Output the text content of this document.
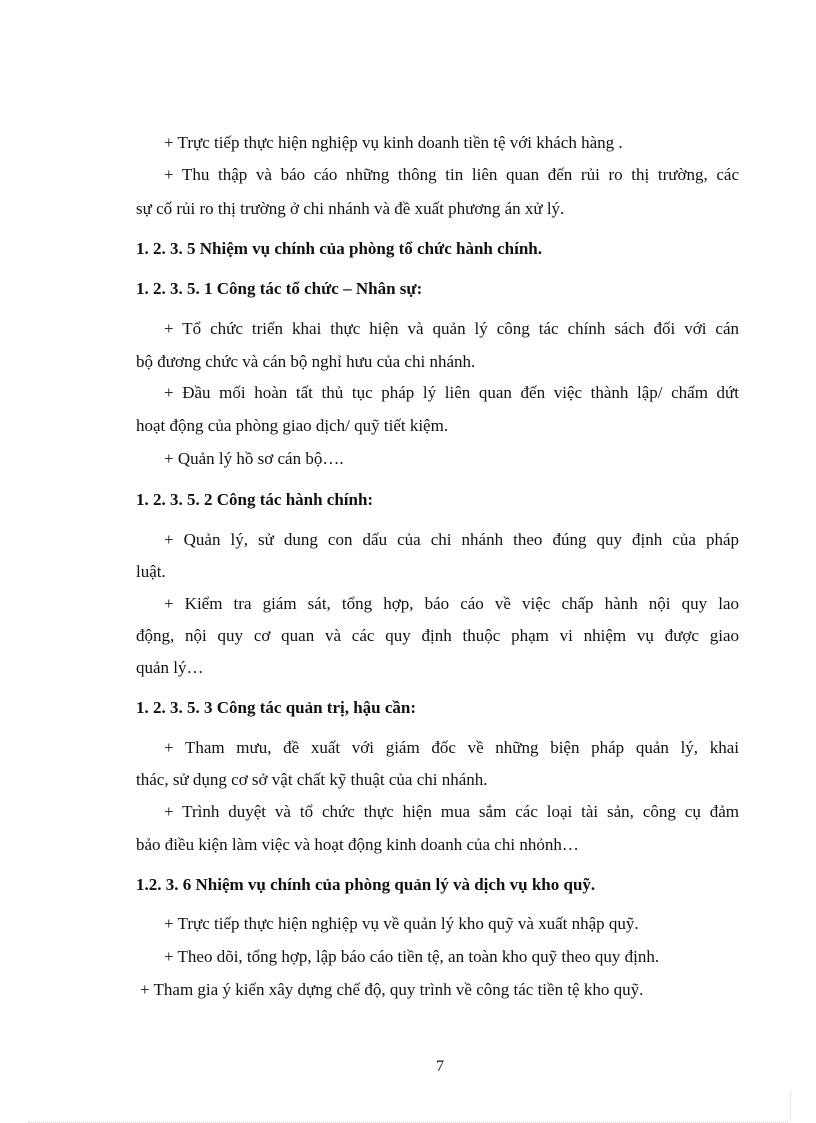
+ Trực tiếp thực hiện nghiệp vụ kinh doanh tiền tệ với khách hàng .
+ Thu thập và báo cáo những thông tin liên quan đến rủi ro thị trường, các
sự cố rủi ro thị trường ở chi nhánh và đề xuất phương án xử lý.
1. 2. 3. 5 Nhiệm vụ chính của phòng tổ chức hành chính.
1. 2. 3. 5. 1 Công tác tổ chức – Nhân sự:
+ Tổ chức triển khai thực hiện và quản lý công tác chính sách đối với cán
bộ đương chức và cán bộ nghỉ hưu của chi nhánh.
+ Đầu mối hoàn tất thủ tục pháp lý liên quan đến việc thành lập/ chấm dứt
hoạt động của phòng giao dịch/ quỹ tiết kiệm.
+ Quản lý hồ sơ cán bộ….
1. 2. 3. 5. 2 Công tác hành chính:
+ Quản lý, sử dung con dấu của chi nhánh theo đúng quy định của pháp
luật.
+ Kiểm tra giám sát, tổng hợp, báo cáo về việc chấp hành nội quy lao
động, nội quy cơ quan và các quy định thuộc phạm vi nhiệm vụ được giao
quản lý…
1. 2. 3. 5. 3 Công tác quản trị, hậu cần:
+ Tham mưu, đề xuất với giám đốc về những biện pháp quản lý, khai
thác, sử dụng cơ sở vật chất kỹ thuật của chi nhánh.
+ Trình duyệt và tổ chức thực hiện mua sắm các loại tài sản, công cụ đảm
bảo điều kiện làm việc và hoạt động kinh doanh của chi nhỏnh…
1.2. 3. 6 Nhiệm vụ chính của phòng quản lý và dịch vụ kho quỹ.
+ Trực tiếp thực hiện nghiệp vụ về quản lý kho quỹ và xuất nhập quỹ.
+ Theo dõi, tổng hợp, lập báo cáo tiền tệ, an toàn kho quỹ theo quy định.
+ Tham gia ý kiến xây dựng chế độ, quy trình về công tác tiền tệ kho quỹ.
7
